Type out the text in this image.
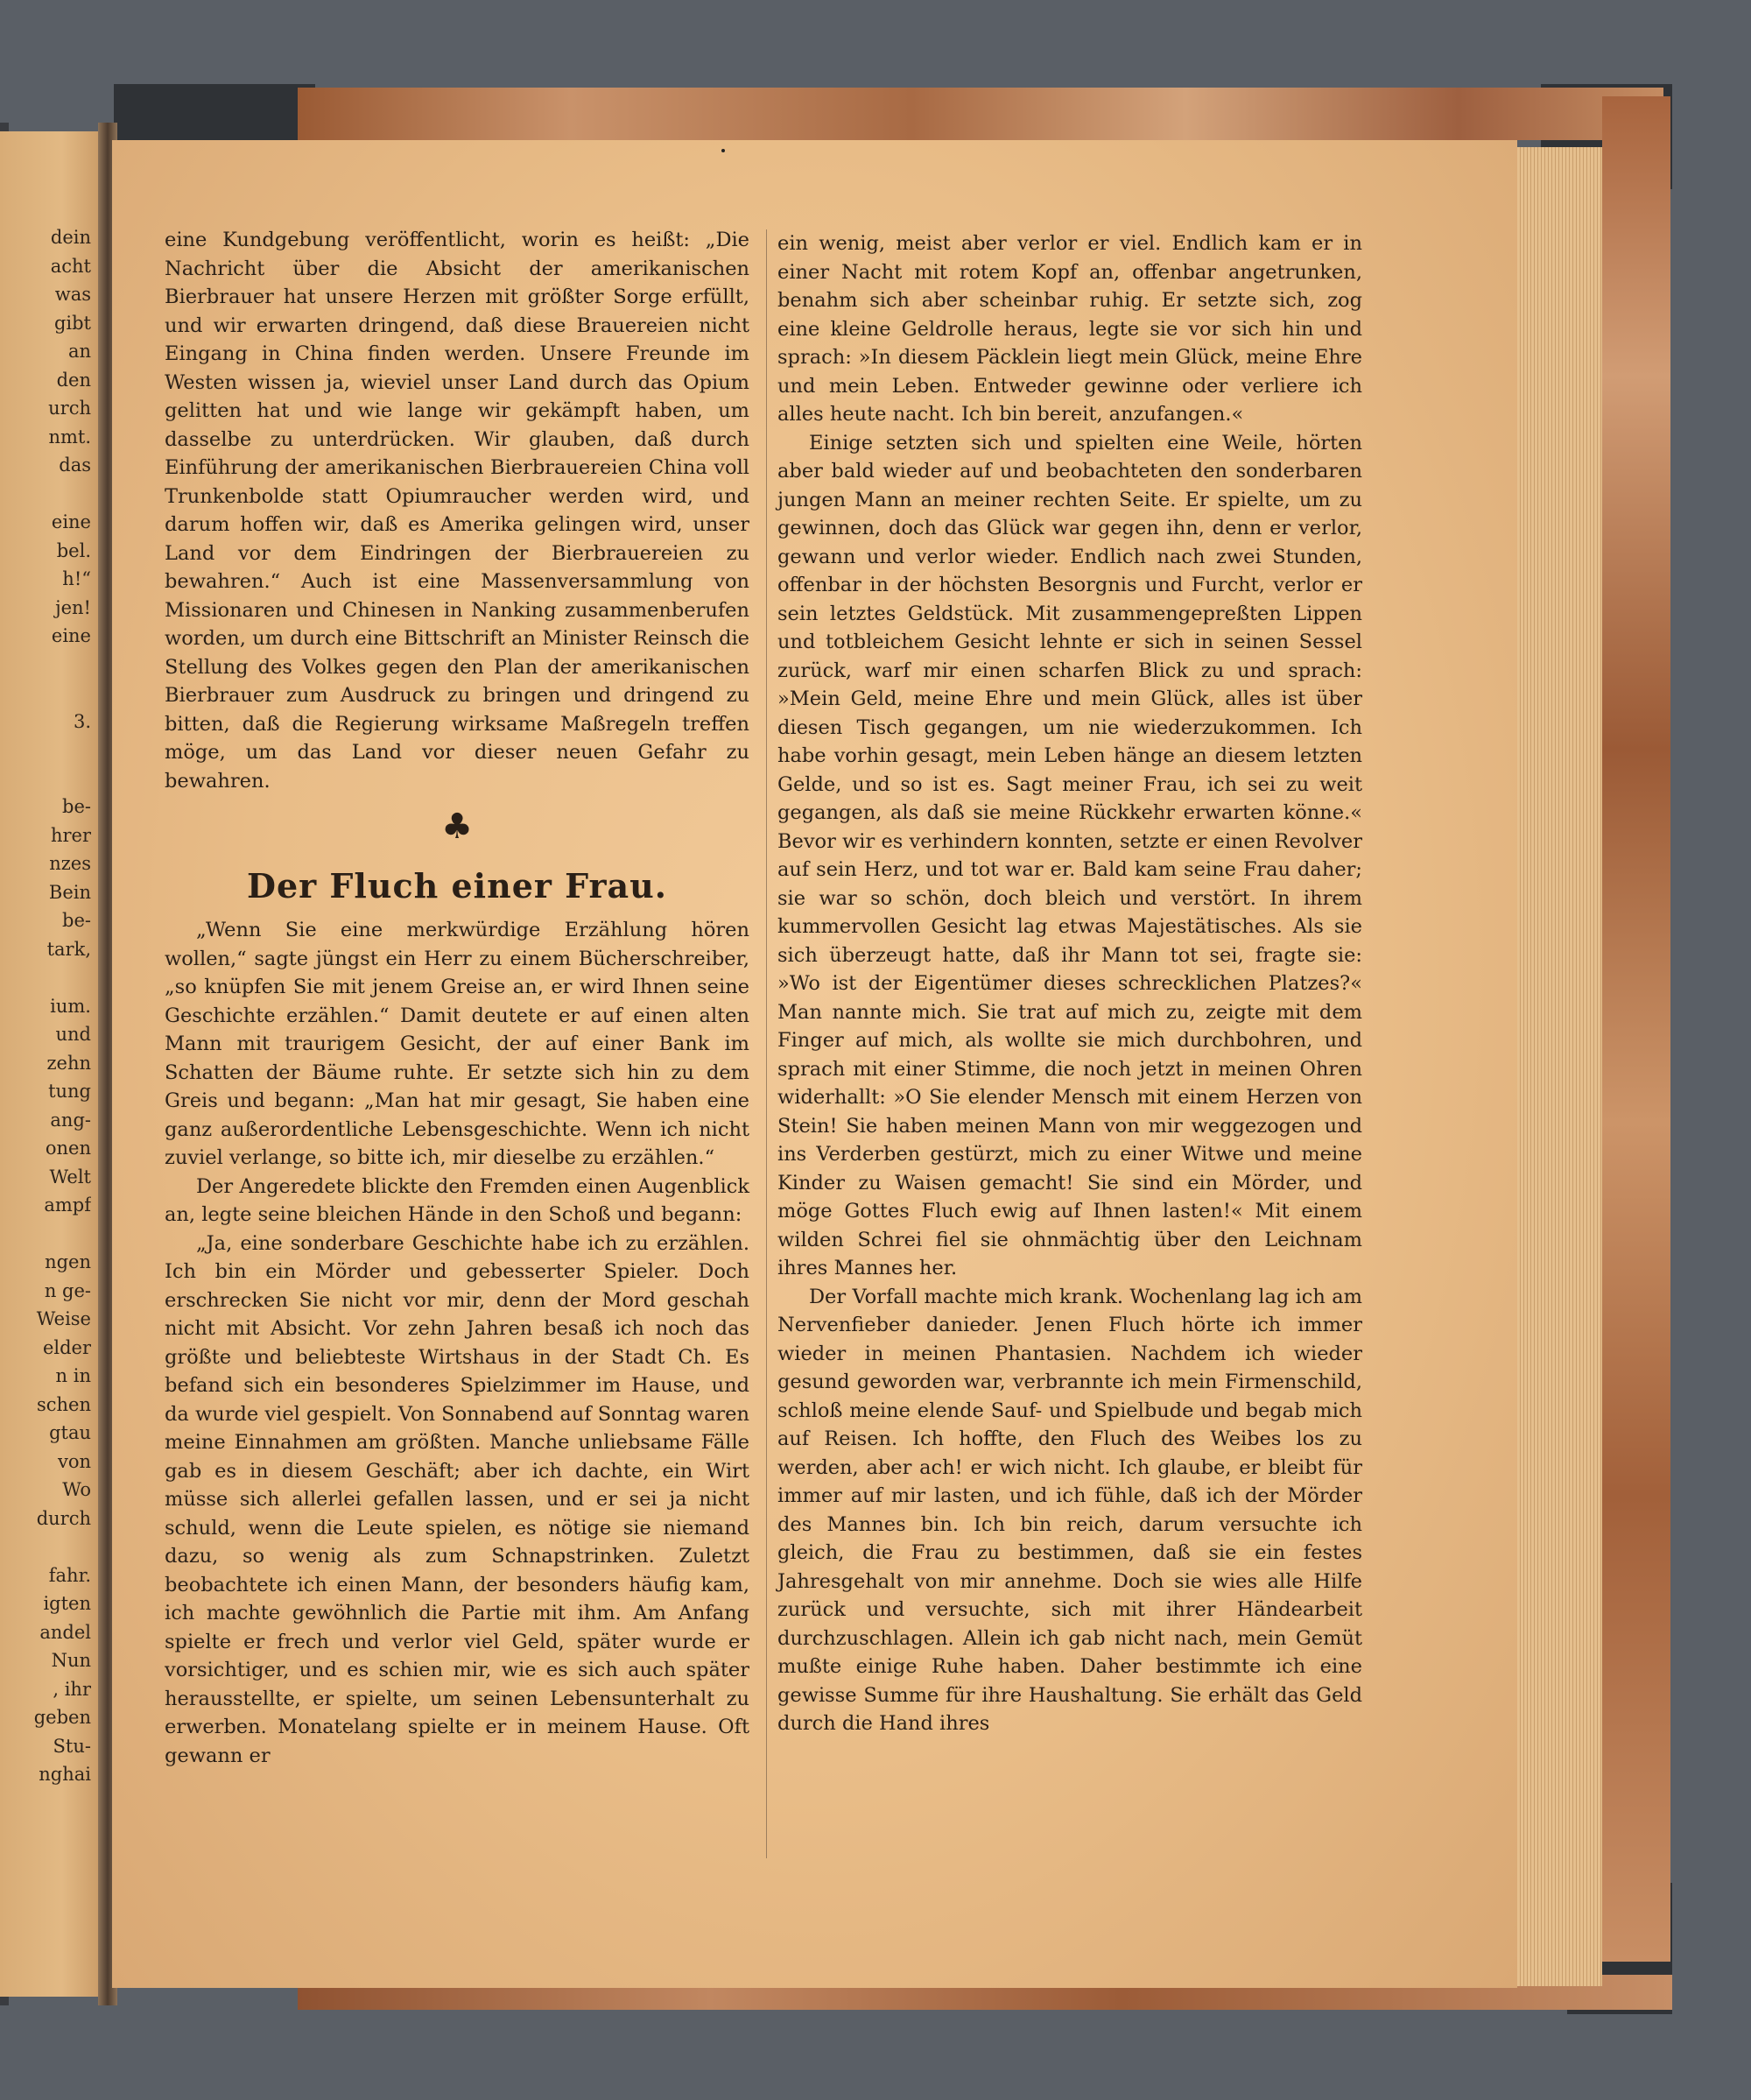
dein
acht
was
gibt
an
den
urch
nmt.
das
eine
bel.
h!“
jen!
eine
3.
be-
hrer
nzes
Bein
be-
tark,
ium.
und
zehn
tung
ang-
onen
Welt
ampf
ngen
n ge-
Weise
elder
n in
schen
gtau
von
Wo
durch
fahr.
igten
andel
Nun
, ihr
geben
Stu-
nghai

eine Kundgebung veröffentlicht, worin es heißt: „Die Nachricht über die Absicht der amerikanischen Bierbrauer hat unsere Herzen mit größter Sorge erfüllt, und wir erwarten dringend, daß diese Brauereien nicht Eingang in China finden werden. Unsere Freunde im Westen wissen ja, wieviel unser Land durch das Opium gelitten hat und wie lange wir gekämpft haben, um dasselbe zu unterdrücken. Wir glauben, daß durch Einführung der amerikanischen Bierbrauereien China voll Trunkenbolde statt Opiumraucher werden wird, und darum hoffen wir, daß es Amerika gelingen wird, unser Land vor dem Eindringen der Bierbrauereien zu bewahren.“ Auch ist eine Massenversammlung von Missionaren und Chinesen in Nanking zusammenberufen worden, um durch eine Bittschrift an Minister Reinsch die Stellung des Volkes gegen den Plan der amerikanischen Bierbrauer zum Ausdruck zu bringen und dringend zu bitten, daß die Regierung wirksame Maßregeln treffen möge, um das Land vor dieser neuen Gefahr zu bewahren.

♣
Der Fluch einer Frau.

„Wenn Sie eine merkwürdige Erzählung hören wollen,“ sagte jüngst ein Herr zu einem Bücherschreiber, „so knüpfen Sie mit jenem Greise an, er wird Ihnen seine Geschichte erzählen.“ Damit deutete er auf einen alten Mann mit traurigem Gesicht, der auf einer Bank im Schatten der Bäume ruhte. Er setzte sich hin zu dem Greis und begann: „Man hat mir gesagt, Sie haben eine ganz außerordentliche Lebensgeschichte. Wenn ich nicht zuviel verlange, so bitte ich, mir dieselbe zu erzählen.“

Der Angeredete blickte den Fremden einen Augenblick an, legte seine bleichen Hände in den Schoß und begann:

„Ja, eine sonderbare Geschichte habe ich zu erzählen. Ich bin ein Mörder und gebesserter Spieler. Doch erschrecken Sie nicht vor mir, denn der Mord geschah nicht mit Absicht. Vor zehn Jahren besaß ich noch das größte und beliebteste Wirtshaus in der Stadt Ch. Es befand sich ein besonderes Spielzimmer im Hause, und da wurde viel gespielt. Von Sonnabend auf Sonntag waren meine Einnahmen am größten. Manche unliebsame Fälle gab es in diesem Geschäft; aber ich dachte, ein Wirt müsse sich allerlei gefallen lassen, und er sei ja nicht schuld, wenn die Leute spielen, es nötige sie niemand dazu, so wenig als zum Schnapstrinken. Zuletzt beobachtete ich einen Mann, der besonders häufig kam, ich machte gewöhnlich die Partie mit ihm. Am Anfang spielte er frech und verlor viel Geld, später wurde er vorsichtiger, und es schien mir, wie es sich auch später herausstellte, er spielte, um seinen Lebensunterhalt zu erwerben. Monatelang spielte er in meinem Hause. Oft gewann er

ein wenig, meist aber verlor er viel. Endlich kam er in einer Nacht mit rotem Kopf an, offenbar angetrunken, benahm sich aber scheinbar ruhig. Er setzte sich, zog eine kleine Geldrolle heraus, legte sie vor sich hin und sprach: »In diesem Päcklein liegt mein Glück, meine Ehre und mein Leben. Entweder gewinne oder verliere ich alles heute nacht. Ich bin bereit, anzufangen.«

Einige setzten sich und spielten eine Weile, hörten aber bald wieder auf und beobachteten den sonderbaren jungen Mann an meiner rechten Seite. Er spielte, um zu gewinnen, doch das Glück war gegen ihn, denn er verlor, gewann und verlor wieder. Endlich nach zwei Stunden, offenbar in der höchsten Besorgnis und Furcht, verlor er sein letztes Geldstück. Mit zusammengepreßten Lippen und totbleichem Gesicht lehnte er sich in seinen Sessel zurück, warf mir einen scharfen Blick zu und sprach: »Mein Geld, meine Ehre und mein Glück, alles ist über diesen Tisch gegangen, um nie wiederzukommen. Ich habe vorhin gesagt, mein Leben hänge an diesem letzten Gelde, und so ist es. Sagt meiner Frau, ich sei zu weit gegangen, als daß sie meine Rückkehr erwarten könne.« Bevor wir es verhindern konnten, setzte er einen Revolver auf sein Herz, und tot war er. Bald kam seine Frau daher; sie war so schön, doch bleich und verstört. In ihrem kummervollen Gesicht lag etwas Majestätisches. Als sie sich überzeugt hatte, daß ihr Mann tot sei, fragte sie: »Wo ist der Eigentümer dieses schrecklichen Platzes?« Man nannte mich. Sie trat auf mich zu, zeigte mit dem Finger auf mich, als wollte sie mich durchbohren, und sprach mit einer Stimme, die noch jetzt in meinen Ohren widerhallt: »O Sie elender Mensch mit einem Herzen von Stein! Sie haben meinen Mann von mir weggezogen und ins Verderben gestürzt, mich zu einer Witwe und meine Kinder zu Waisen gemacht! Sie sind ein Mörder, und möge Gottes Fluch ewig auf Ihnen lasten!« Mit einem wilden Schrei fiel sie ohnmächtig über den Leichnam ihres Mannes her.

Der Vorfall machte mich krank. Wochenlang lag ich am Nervenfieber danieder. Jenen Fluch hörte ich immer wieder in meinen Phantasien. Nachdem ich wieder gesund geworden war, verbrannte ich mein Firmenschild, schloß meine elende Sauf- und Spielbude und begab mich auf Reisen. Ich hoffte, den Fluch des Weibes los zu werden, aber ach! er wich nicht. Ich glaube, er bleibt für immer auf mir lasten, und ich fühle, daß ich der Mörder des Mannes bin. Ich bin reich, darum versuchte ich gleich, die Frau zu bestimmen, daß sie ein festes Jahresgehalt von mir annehme. Doch sie wies alle Hilfe zurück und versuchte, sich mit ihrer Händearbeit durchzuschlagen. Allein ich gab nicht nach, mein Gemüt mußte einige Ruhe haben. Daher bestimmte ich eine gewisse Summe für ihre Haushaltung. Sie erhält das Geld durch die Hand ihres
